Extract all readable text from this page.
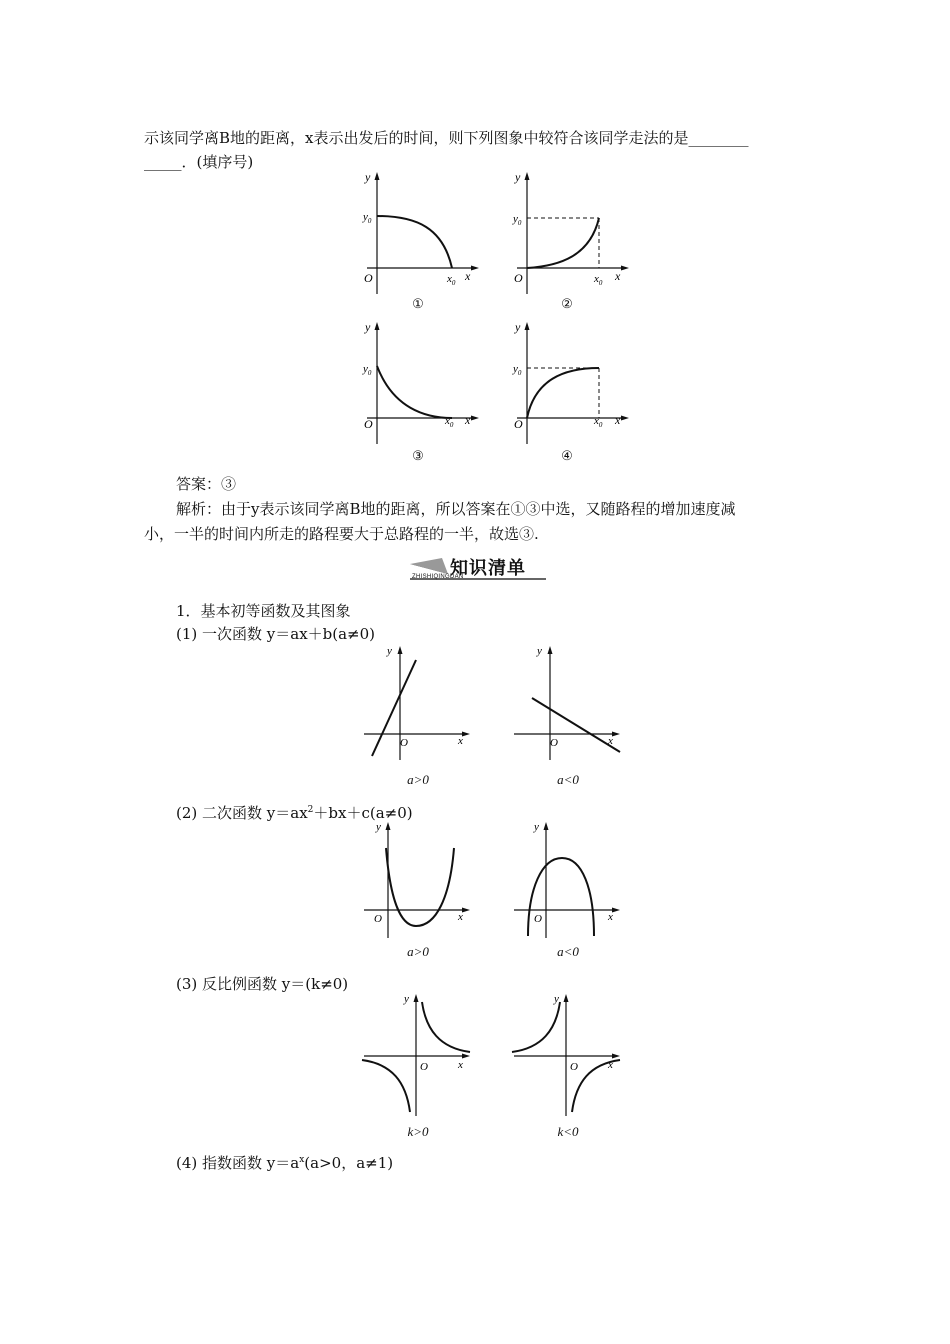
示该同学离B地的距离，x表示出发后的时间，则下列图象中较符合该同学走法的是________
_____．(填序号)
y
x
O
$y_0$
$x_0$
①
y
x
O
$y_0$
$x_0$
②
y
x
O
$y_0$
$x_0$
③
y
x
O
$y_0$
$x_0$
④
答案：③
解析：由于y表示该同学离B地的距离，所以答案在①③中选，又随路程的增加速度减
小，一半的时间内所走的路程要大于总路程的一半，故选③.
知识清单
ZHISHIQINGDAN
1．基本初等函数及其图象
(1) 一次函数 y＝ax＋b(a≠0)
y
x
O
a>0
y
x
O
a<0
(2) 二次函数 $y=ax^2+bx+c(a\ne 0)$
y
x
O
a>0
y
x
O
a<0
(3) 反比例函数 y＝(k≠0)
y
x
O
k>0
y
x
O
k<0
(4) 指数函数 $y=a^x(a>0$，a≠1)
